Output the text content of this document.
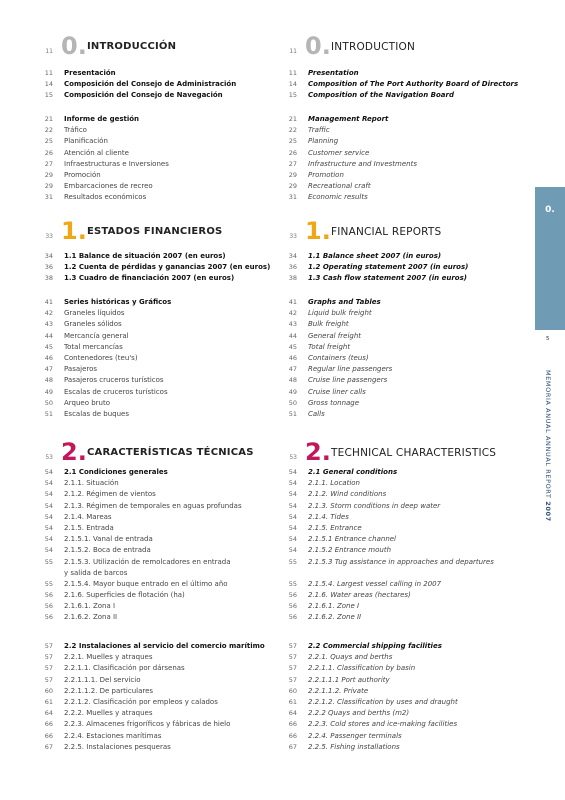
11 0. INTRODUCCIÓN
11 Presentación
14 Composición del Consejo de Administración
15 Composición del Consejo de Navegación
21 Informe de gestión
22 Tráfico
25 Planificación
26 Atención al cliente
27 Infraestructuras e Inversiones
29 Promoción
29 Embarcaciones de recreo
31 Resultados económicos
33 1. ESTADOS FINANCIEROS
34 1.1 Balance de situación 2007 (en euros)
36 1.2 Cuenta de pérdidas y ganancias 2007 (en euros)
38 1.3 Cuadro de financiación 2007 (en euros)
41 Series históricas y Gráficos
42 Graneles líquidos
43 Graneles sólidos
44 Mercancía general
45 Total mercancías
46 Contenedores (teu's)
47 Pasajeros
48 Pasajeros cruceros turísticos
49 Escalas de cruceros turísticos
50 Arqueo bruto
51 Escalas de buques
53 2. CARACTERÍSTICAS TÉCNICAS
54 2.1 Condiciones generales
54 2.1.1. Situación
54 2.1.2. Régimen de vientos
54 2.1.3. Régimen de temporales en aguas profundas
54 2.1.4. Mareas
54 2.1.5. Entrada
54 2.1.5.1. Vanal de entrada
54 2.1.5.2. Boca de entrada
55 2.1.5.3. Utilización de remolcadores en entrada
y salida de barcos
55 2.1.5.4. Mayor buque entrado en el último año
56 2.1.6. Superficies de flotación (ha)
56 2.1.6.1. Zona I
56 2.1.6.2. Zona II
57 2.2 Instalaciones al servicio del comercio marítimo
57 2.2.1. Muelles y atraques
57 2.2.1.1. Clasificación por dársenas
57 2.2.1.1.1. Del servicio
60 2.2.1.1.2. De particulares
61 2.2.1.2. Clasificación por empleos y calados
64 2.2.2. Muelles y atraques
66 2.2.3. Almacenes frigoríficos y fábricas de hielo
66 2.2.4. Estaciones marítimas
67 2.2.5. Instalaciones pesqueras
11 0. INTRODUCTION
11 Presentation
14 Composition of The Port Authority Board of Directors
15 Composition of the Navigation Board
21 Management Report
22 Traffic
25 Planning
26 Customer service
27 Infrastructure and Investments
29 Promotion
29 Recreational craft
31 Economic results
33 1. FINANCIAL REPORTS
34 1.1 Balance sheet 2007 (in euros)
36 1.2 Operating statement 2007 (in euros)
38 1.3 Cash flow statement 2007 (in euros)
41 Graphs and Tables
42 Liquid bulk freight
43 Bulk freight
44 General freight
45 Total freight
46 Containers (teus)
47 Regular line passengers
48 Cruise line passengers
49 Cruise liner calls
50 Gross tonnage
51 Calls
53 2. TECHNICAL CHARACTERISTICS
54 2.1 General conditions
54 2.1.1. Location
54 2.1.2. Wind conditions
54 2.1.3. Storm conditions in deep water
54 2.1.4. Tides
54 2.1.5. Entrance
54 2.1.5.1 Entrance channel
54 2.1.5.2 Entrance mouth
55 2.1.5.3 Tug assistance in approaches and departures
55 2.1.5.4. Largest vessel calling in 2007
56 2.1.6. Water areas (hectares)
56 2.1.6.1. Zone I
56 2.1.6.2. Zone II
57 2.2 Commercial shipping facilities
57 2.2.1. Quays and berths
57 2.2.1.1. Classification by basin
57 2.2.1.1.1 Port authority
60 2.2.1.1.2. Private
61 2.2.1.2. Classification by uses and draught
64 2.2.2 Quays and berths (m2)
66 2.2.3. Cold stores and ice-making facilities
66 2.2.4. Passenger terminals
67 2.2.5. Fishing installations
0.
5
MEMORIA ANUAL ANNUAL REPORT 2007
